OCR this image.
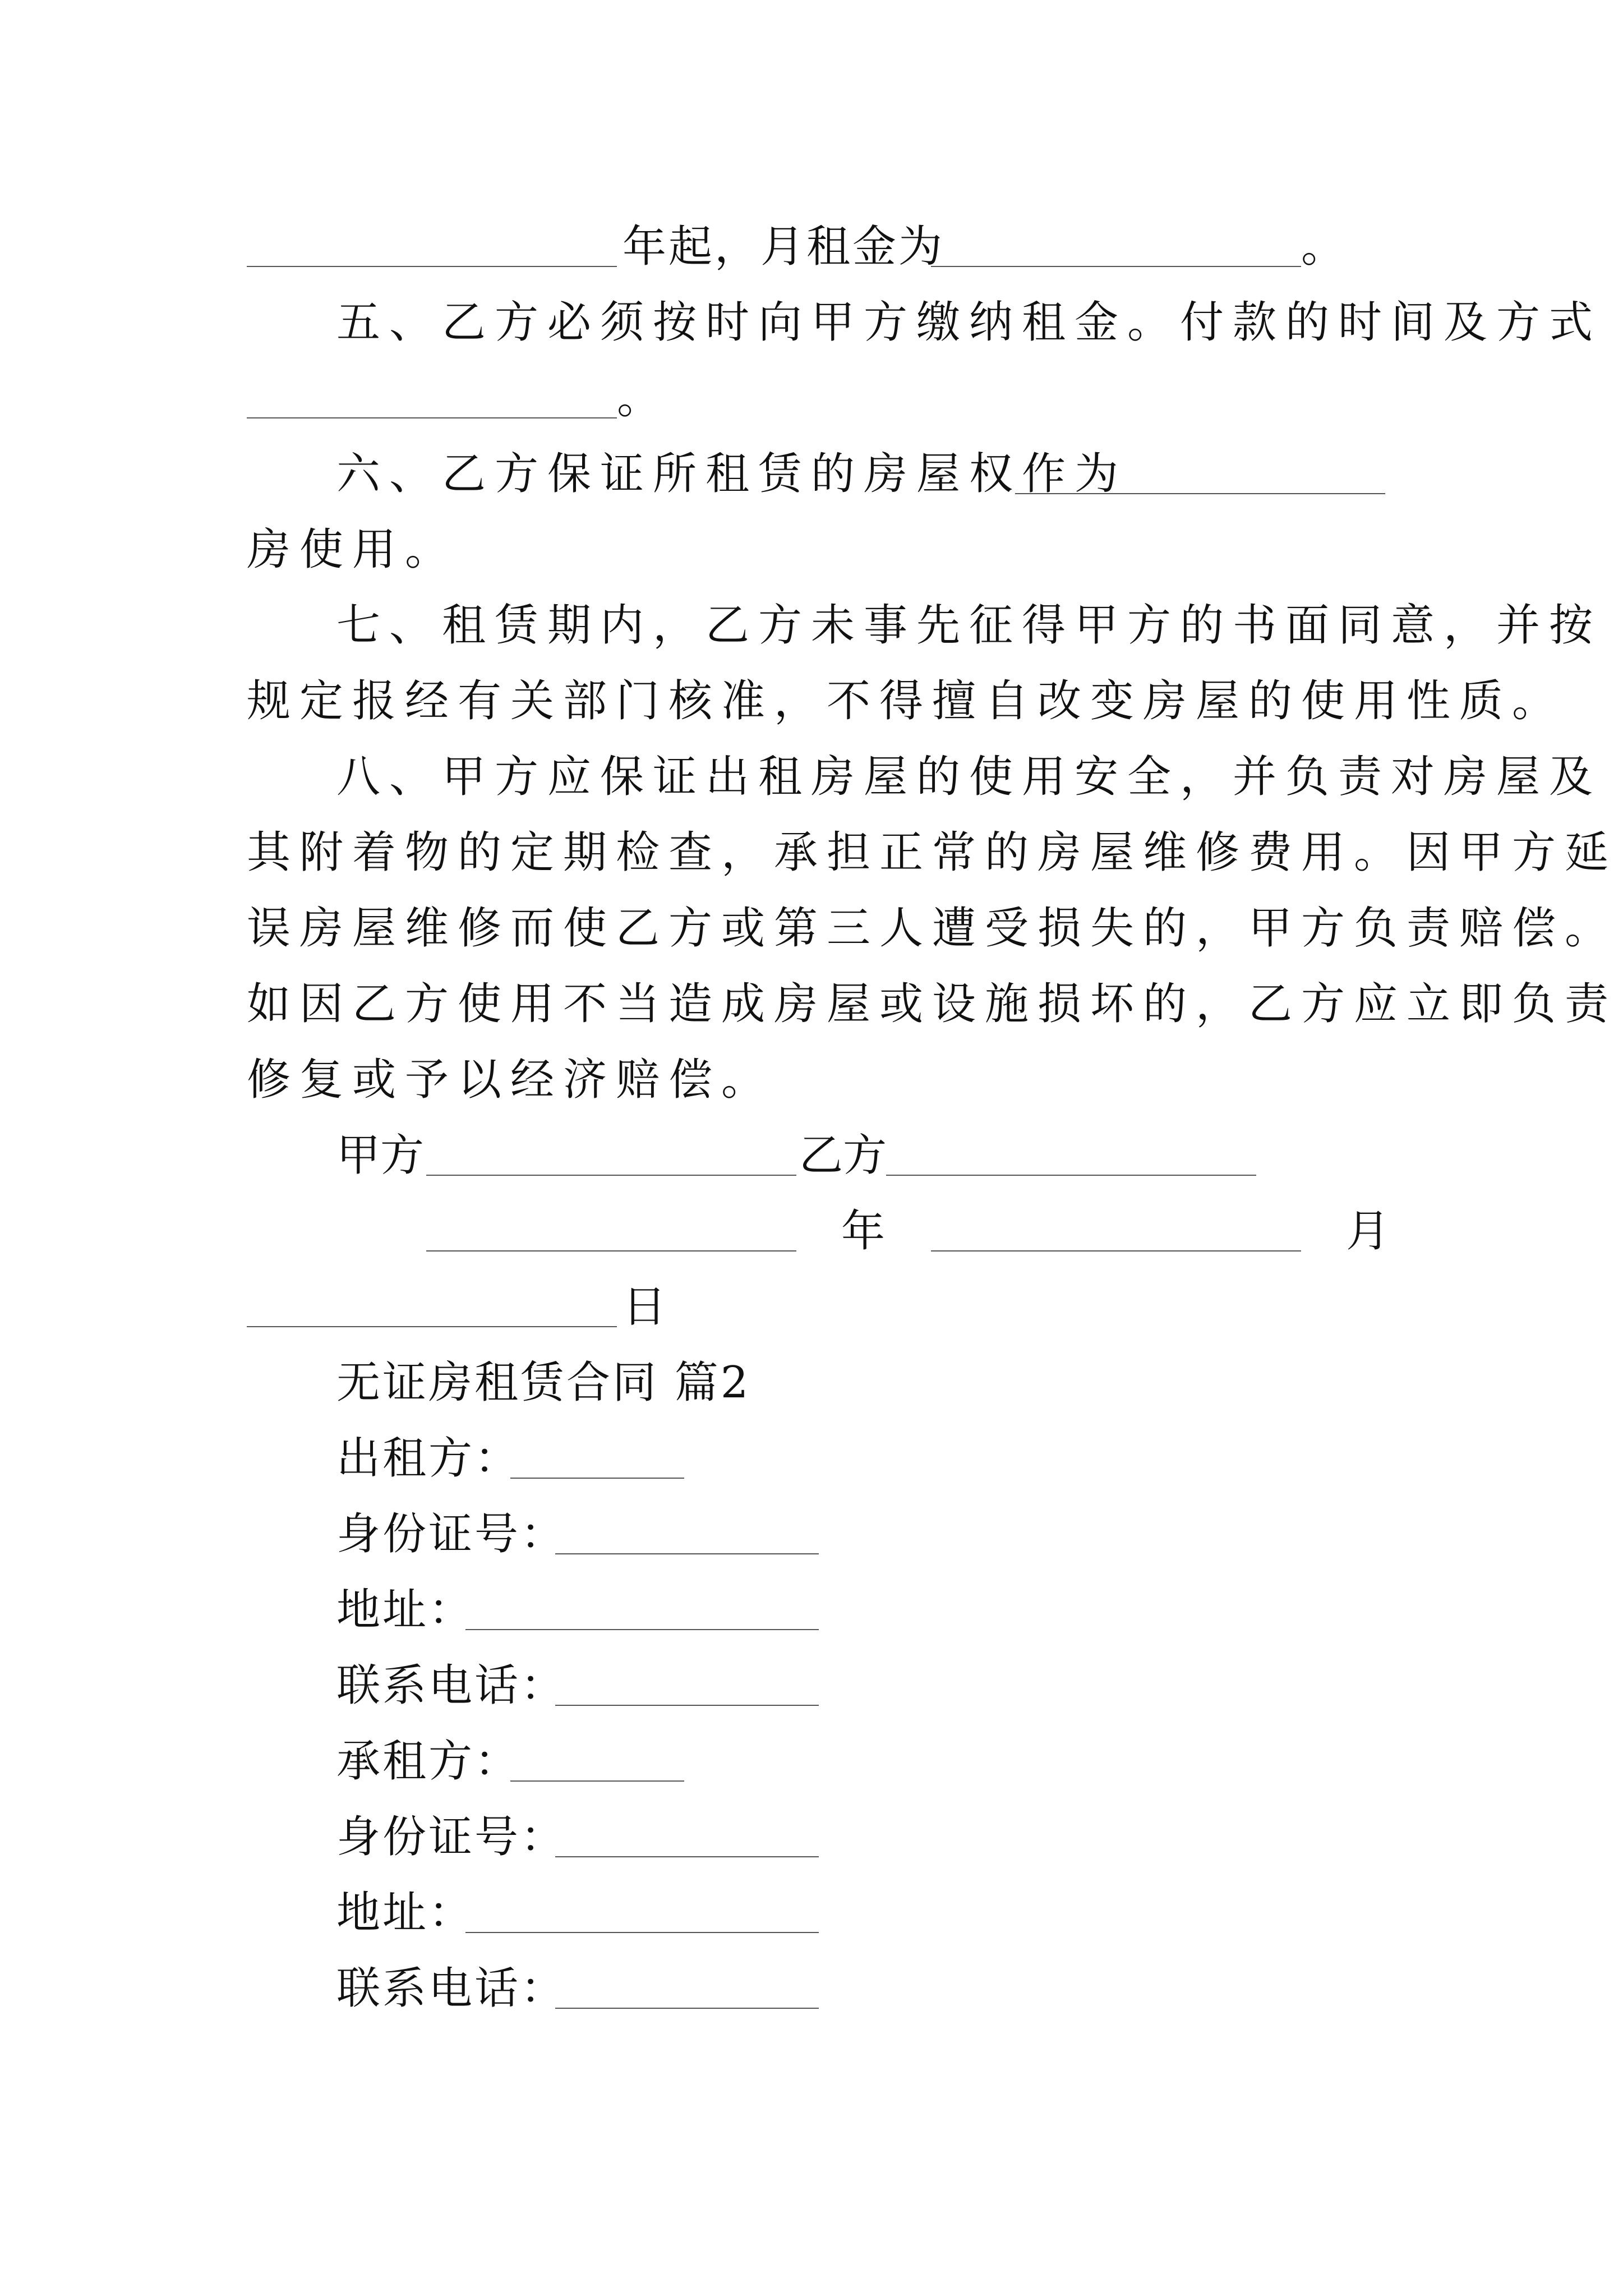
年起，月租金为	。
五、乙方必须按时向甲方缴纳租金。付款的时间及方式
。
六、乙方保证所租赁的房屋权作为
房使用。
七、租赁期内，乙方未事先征得甲方的书面同意，并按
规定报经有关部门核准，不得擅自改变房屋的使用性质。
八、甲方应保证出租房屋的使用安全，并负责对房屋及
其附着物的定期检查，承担正常的房屋维修费用。因甲方延
误房屋维修而使乙方或第三人遭受损失的，甲方负责赔偿。
如因乙方使用不当造成房屋或设施损坏的，乙方应立即负责
修复或予以经济赔偿。
甲方	乙方
年	月
日
无证房租赁合同 篇2
出租方：
身份证号：
地址：
联系电话：
承租方：
身份证号：
地址：
联系电话：
